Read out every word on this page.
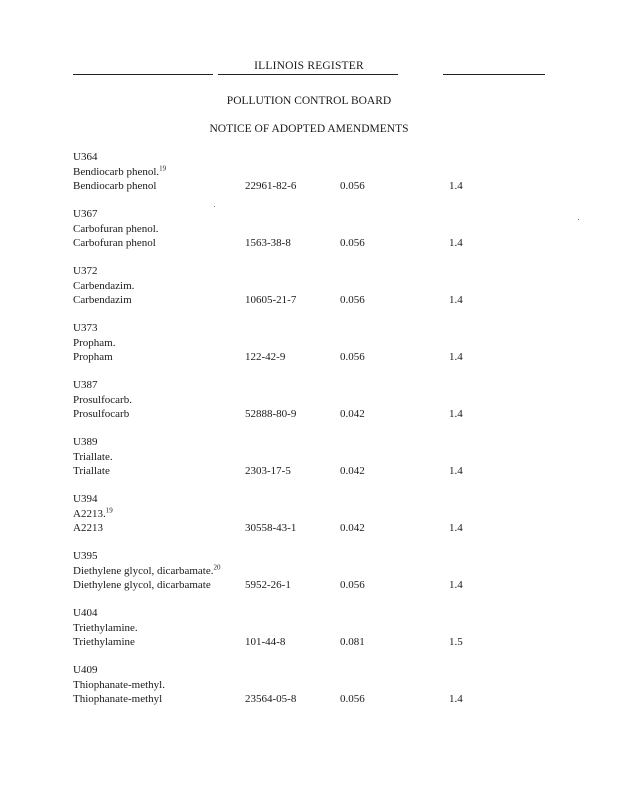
ILLINOIS REGISTER
POLLUTION CONTROL BOARD
NOTICE OF ADOPTED AMENDMENTS
U364
Bendiocarb phenol.$^{19}$
Bendiocarb phenol	22961-82-6	0.056	1.4
U367
Carbofuran phenol.
Carbofuran phenol	1563-38-8	0.056	1.4
U372
Carbendazim.
Carbendazim	10605-21-7	0.056	1.4
U373
Propham.
Propham	122-42-9	0.056	1.4
U387
Prosulfocarb.
Prosulfocarb	52888-80-9	0.042	1.4
U389
Triallate.
Triallate	2303-17-5	0.042	1.4
U394
A2213.19
A2213	30558-43-1	0.042	1.4
U395
Diethylene glycol, dicarbamate.$^{20}$
Diethylene glycol, dicarbamate	5952-26-1	0.056	1.4
U404
Triethylamine.
Triethylamine	101-44-8	0.081	1.5
U409
Thiophanate-methyl.
Thiophanate-methyl	23564-05-8	0.056	1.4
